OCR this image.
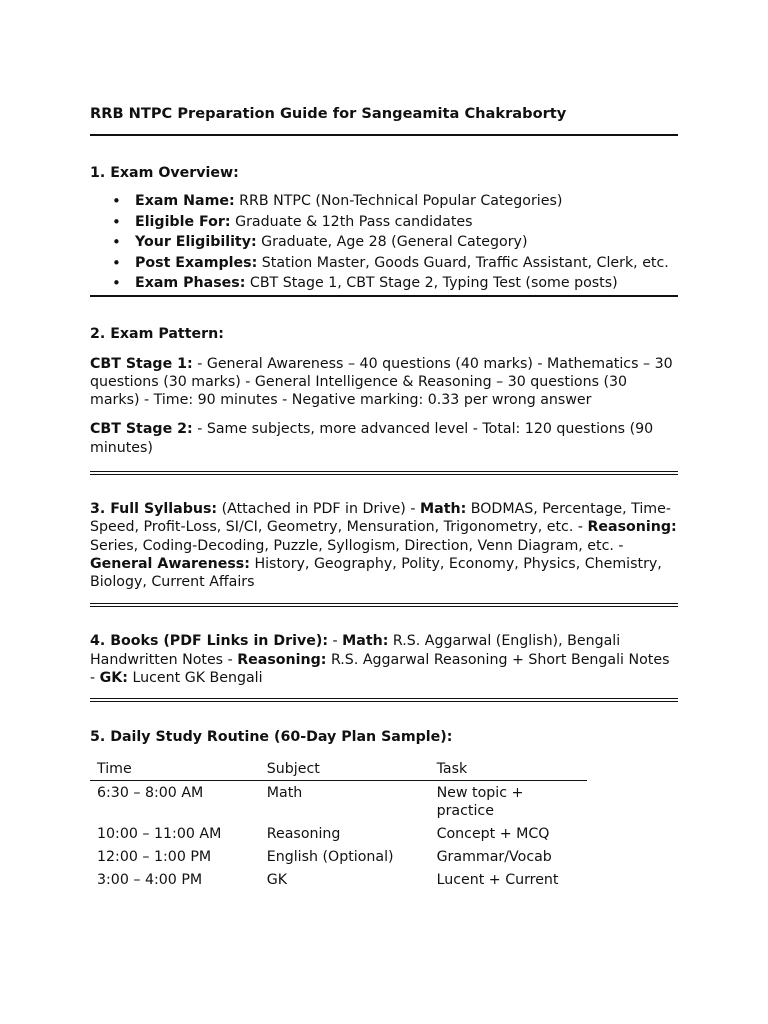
RRB NTPC Preparation Guide for Sangeamita Chakraborty

1. Exam Overview:

• Exam Name: RRB NTPC (Non-Technical Popular Categories)
• Eligible For: Graduate & 12th Pass candidates
• Your Eligibility: Graduate, Age 28 (General Category)
• Post Examples: Station Master, Goods Guard, Traffic Assistant, Clerk, etc.
• Exam Phases: CBT Stage 1, CBT Stage 2, Typing Test (some posts)

2. Exam Pattern:

CBT Stage 1: - General Awareness – 40 questions (40 marks) - Mathematics – 30 questions (30 marks) - General Intelligence & Reasoning – 30 questions (30 marks) - Time: 90 minutes - Negative marking: 0.33 per wrong answer

CBT Stage 2: - Same subjects, more advanced level - Total: 120 questions (90 minutes)

3. Full Syllabus: (Attached in PDF in Drive) - Math: BODMAS, Percentage, Time-Speed, Profit-Loss, SI/CI, Geometry, Mensuration, Trigonometry, etc. - Reasoning: Series, Coding-Decoding, Puzzle, Syllogism, Direction, Venn Diagram, etc. - General Awareness: History, Geography, Polity, Economy, Physics, Chemistry, Biology, Current Affairs

4. Books (PDF Links in Drive): - Math: R.S. Aggarwal (English), Bengali Handwritten Notes - Reasoning: R.S. Aggarwal Reasoning + Short Bengali Notes - GK: Lucent GK Bengali

5. Daily Study Routine (60-Day Plan Sample):

Time	Subject	Task
6:30 – 8:00 AM	Math	New topic + practice
10:00 – 11:00 AM	Reasoning	Concept + MCQ
12:00 – 1:00 PM	English (Optional)	Grammar/Vocab
3:00 – 4:00 PM	GK	Lucent + Current
